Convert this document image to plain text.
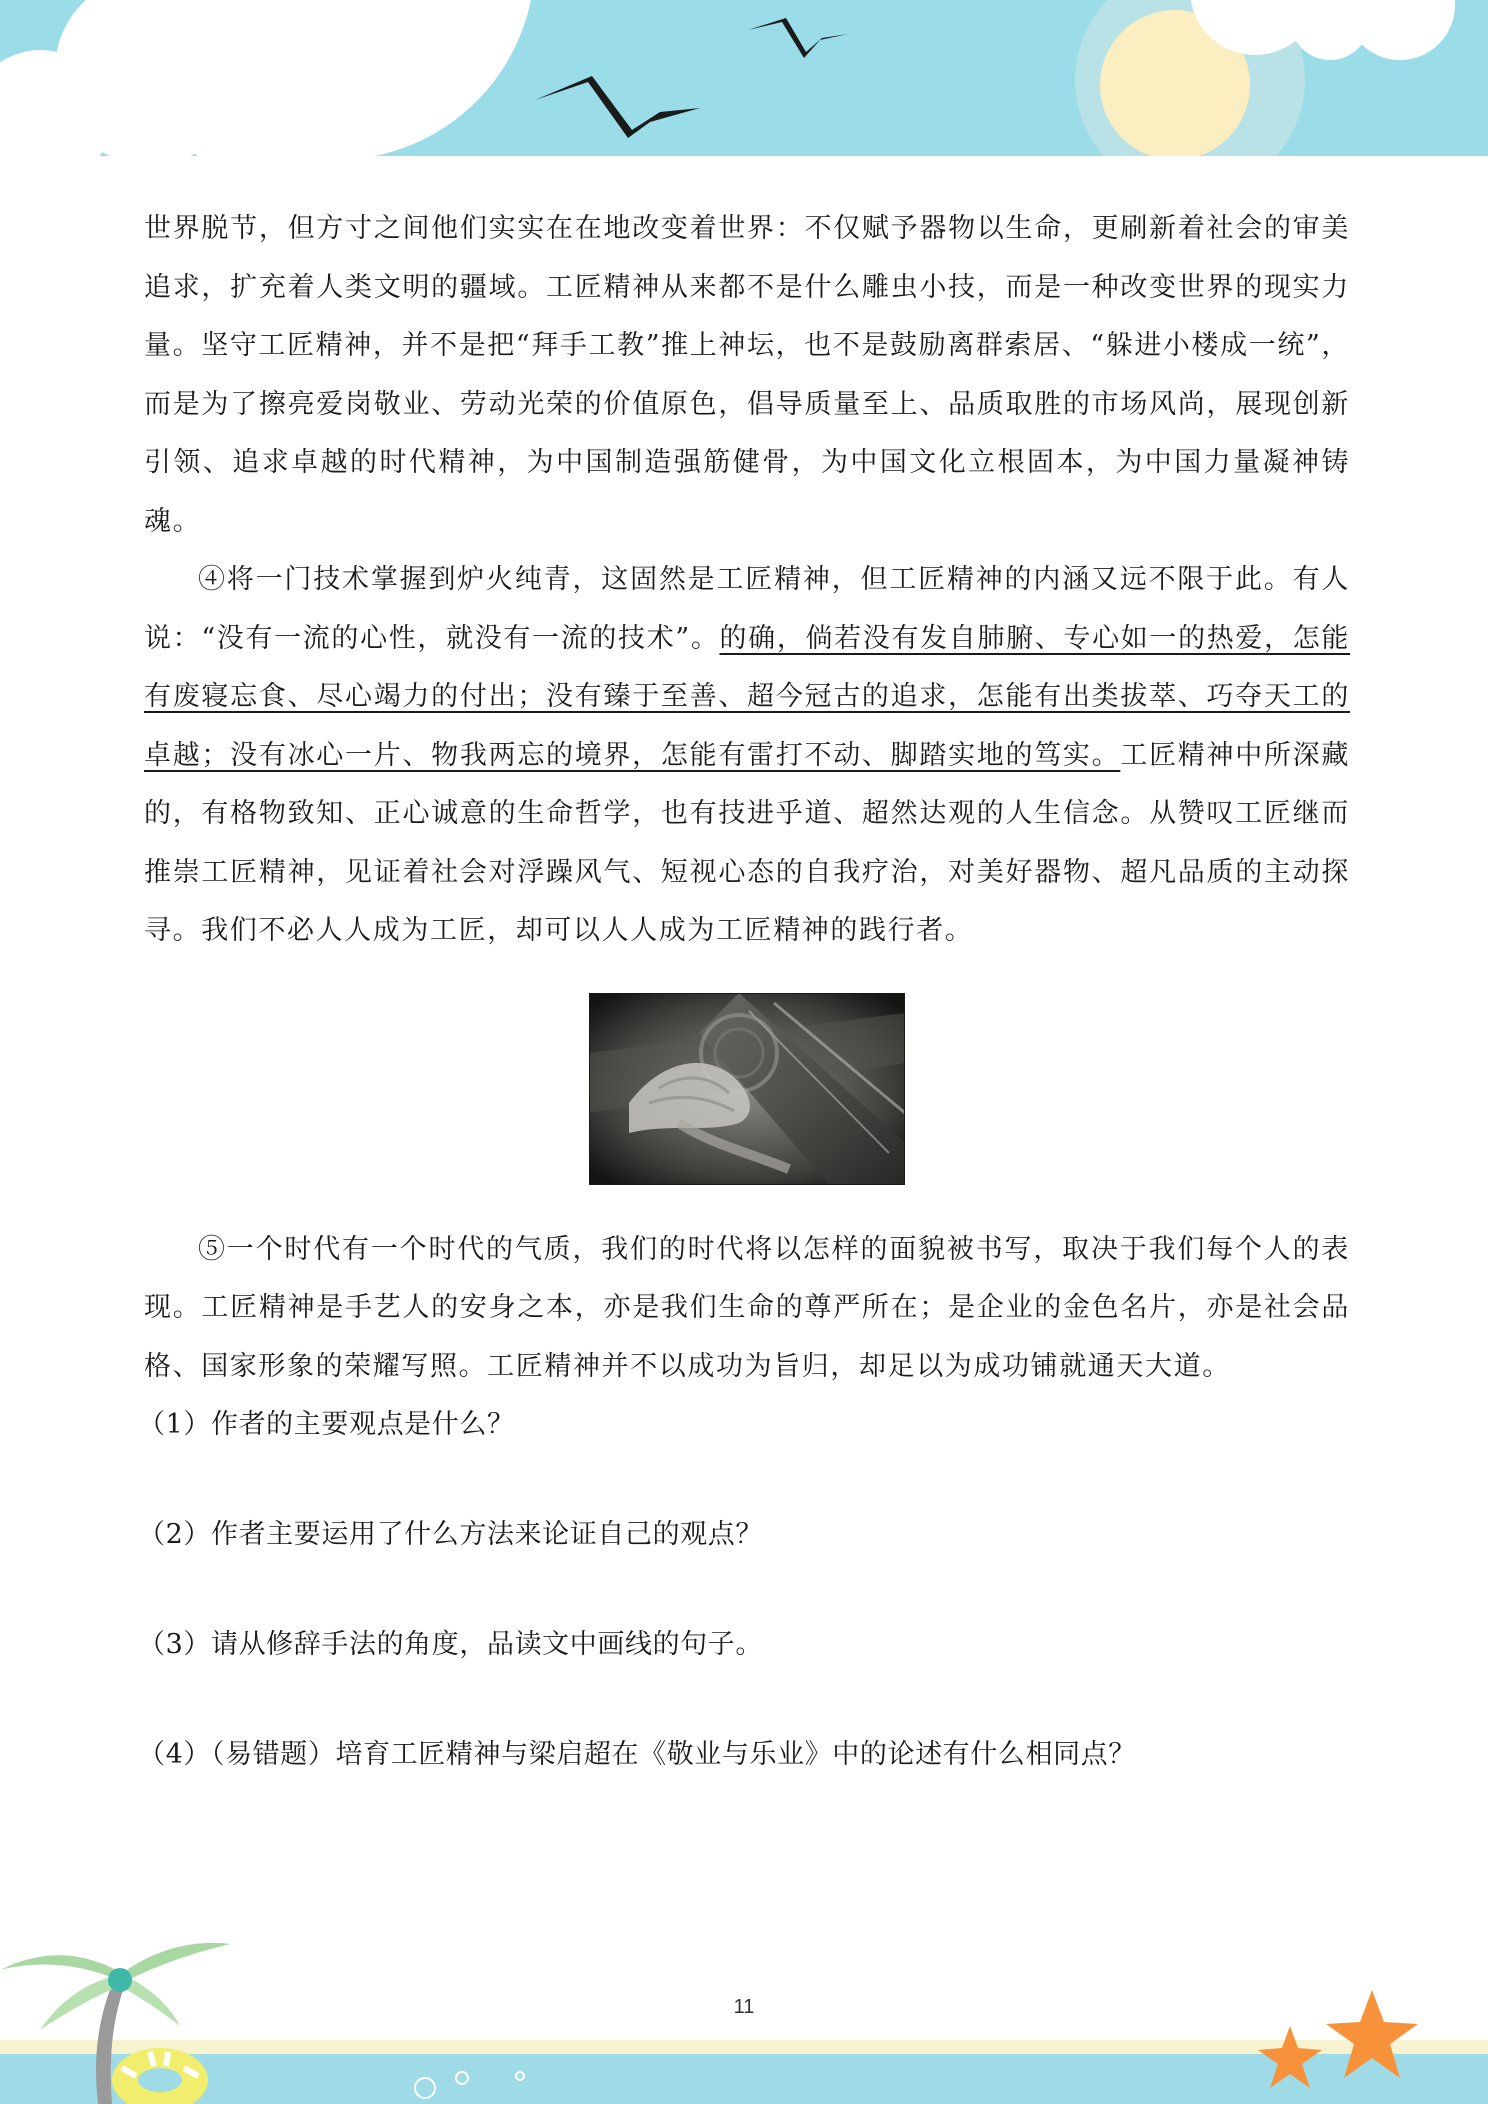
世界脱节，但方寸之间他们实实在在地改变着世界：不仅赋予器物以生命，更刷新着社会的审美追求，扩充着人类文明的疆域。工匠精神从来都不是什么雕虫小技，而是一种改变世界的现实力量。坚守工匠精神，并不是把“拜手工教”推上神坛，也不是鼓励离群索居、“躲进小楼成一统”，而是为了擦亮爱岗敬业、劳动光荣的价值原色，倡导质量至上、品质取胜的市场风尚，展现创新引领、追求卓越的时代精神，为中国制造强筋健骨，为中国文化立根固本，为中国力量凝神铸魂。

④将一门技术掌握到炉火纯青，这固然是工匠精神，但工匠精神的内涵又远不限于此。有人说：“没有一流的心性，就没有一流的技术”。的确，倘若没有发自肺腑、专心如一的热爱，怎能有废寝忘食、尽心竭力的付出；没有臻于至善、超今冠古的追求，怎能有出类拔萃、巧夺天工的卓越；没有冰心一片、物我两忘的境界，怎能有雷打不动、脚踏实地的笃实。工匠精神中所深藏的，有格物致知、正心诚意的生命哲学，也有技进乎道、超然达观的人生信念。从赞叹工匠继而推崇工匠精神，见证着社会对浮躁风气、短视心态的自我疗治，对美好器物、超凡品质的主动探寻。我们不必人人成为工匠，却可以人人成为工匠精神的践行者。

⑤一个时代有一个时代的气质，我们的时代将以怎样的面貌被书写，取决于我们每个人的表现。工匠精神是手艺人的安身之本，亦是我们生命的尊严所在；是企业的金色名片，亦是社会品格、国家形象的荣耀写照。工匠精神并不以成功为旨归，却足以为成功铺就通天大道。

（1）作者的主要观点是什么？

（2）作者主要运用了什么方法来论证自己的观点？

（3）请从修辞手法的角度，品读文中画线的句子。

（4）（易错题）培育工匠精神与梁启超在《敬业与乐业》中的论述有什么相同点？

11
